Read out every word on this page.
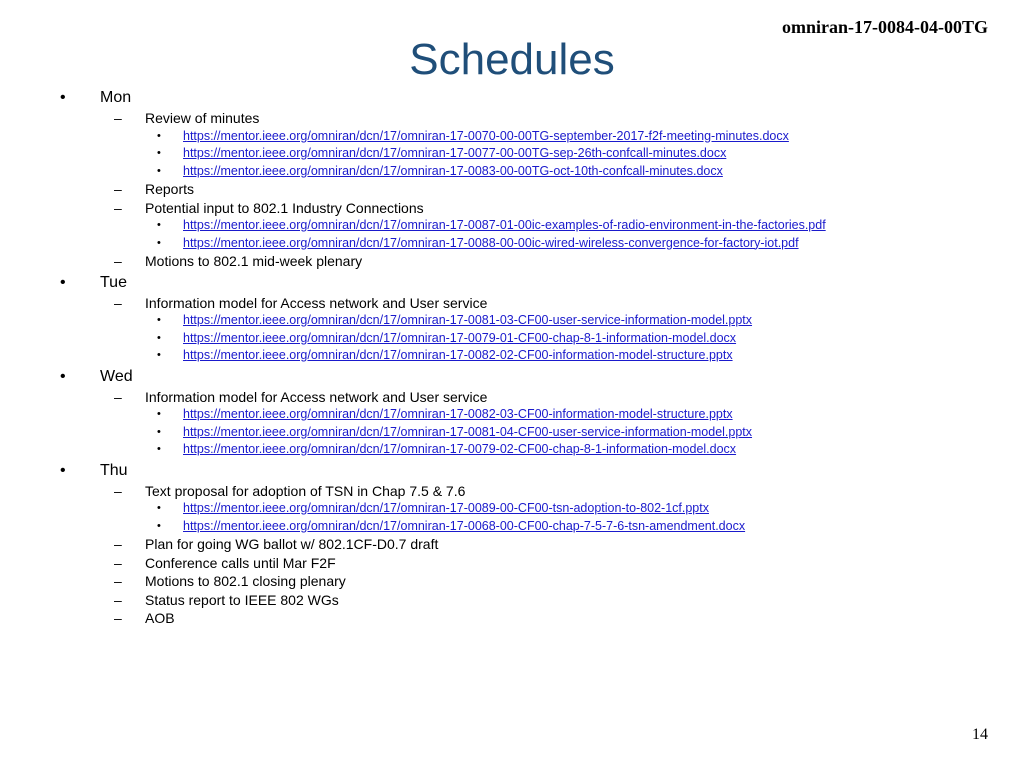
omniran-17-0084-04-00TG
Schedules
• Mon
– Review of minutes
• https://mentor.ieee.org/omniran/dcn/17/omniran-17-0070-00-00TG-september-2017-f2f-meeting-minutes.docx
• https://mentor.ieee.org/omniran/dcn/17/omniran-17-0077-00-00TG-sep-26th-confcall-minutes.docx
• https://mentor.ieee.org/omniran/dcn/17/omniran-17-0083-00-00TG-oct-10th-confcall-minutes.docx
– Reports
– Potential input to 802.1 Industry Connections
• https://mentor.ieee.org/omniran/dcn/17/omniran-17-0087-01-00ic-examples-of-radio-environment-in-the-factories.pdf
• https://mentor.ieee.org/omniran/dcn/17/omniran-17-0088-00-00ic-wired-wireless-convergence-for-factory-iot.pdf
– Motions to 802.1 mid-week plenary
• Tue
– Information model for Access network and User service
• https://mentor.ieee.org/omniran/dcn/17/omniran-17-0081-03-CF00-user-service-information-model.pptx
• https://mentor.ieee.org/omniran/dcn/17/omniran-17-0079-01-CF00-chap-8-1-information-model.docx
• https://mentor.ieee.org/omniran/dcn/17/omniran-17-0082-02-CF00-information-model-structure.pptx
• Wed
– Information model for Access network and User service
• https://mentor.ieee.org/omniran/dcn/17/omniran-17-0082-03-CF00-information-model-structure.pptx
• https://mentor.ieee.org/omniran/dcn/17/omniran-17-0081-04-CF00-user-service-information-model.pptx
• https://mentor.ieee.org/omniran/dcn/17/omniran-17-0079-02-CF00-chap-8-1-information-model.docx
• Thu
– Text proposal for adoption of TSN in Chap 7.5 & 7.6
• https://mentor.ieee.org/omniran/dcn/17/omniran-17-0089-00-CF00-tsn-adoption-to-802-1cf.pptx
• https://mentor.ieee.org/omniran/dcn/17/omniran-17-0068-00-CF00-chap-7-5-7-6-tsn-amendment.docx
– Plan for going WG ballot w/ 802.1CF-D0.7 draft
– Conference calls until Mar F2F
– Motions to 802.1 closing plenary
– Status report to IEEE 802 WGs
– AOB
14
